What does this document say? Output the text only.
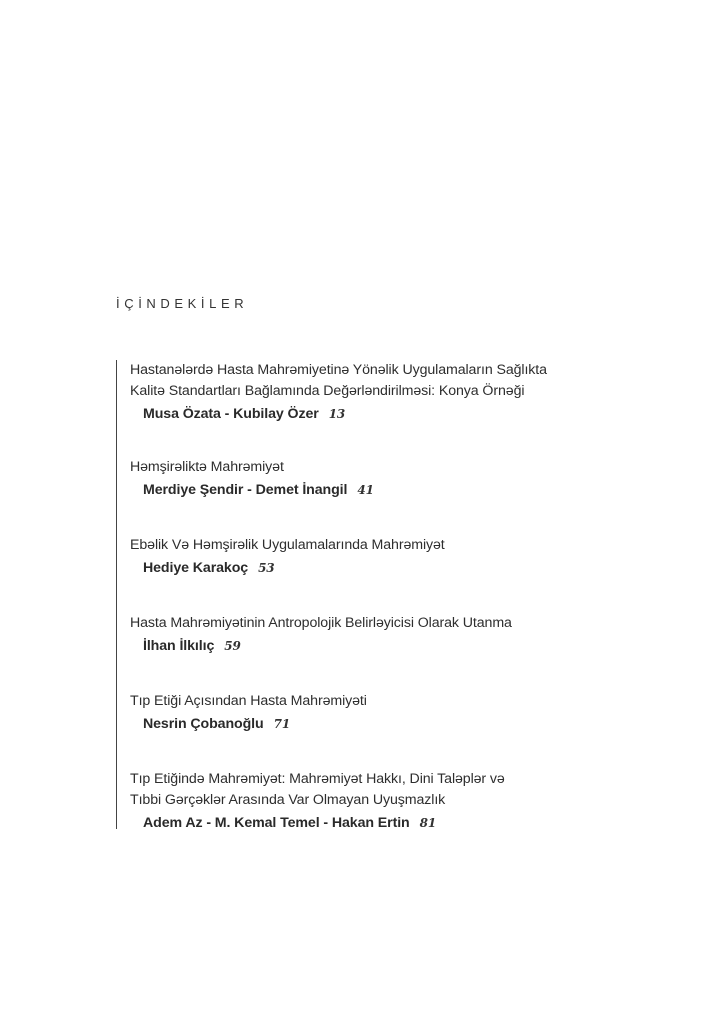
İÇİNDEKİLER
Hastanələrdə Hasta Mahrəmiyetinə Yönəlik Uygulamaların Sağlıkta
Kalitə Standartları Bağlamında Değərləndirilməsi: Konya Örnəği
Musa Özata - Kubilay Özer 13
Həmşirəliktə Mahrəmiyət
Merdiye Şendir - Demet İnangil 41
Ebəlik Və Həmşirəlik Uygulamalarında Mahrəmiyət
Hediye Karakoç 53
Hasta Mahrəmiyətinin Antropolojik Belirləyicisi Olarak Utanma
İlhan İlkılıç 59
Tıp Etiği Açısından Hasta Mahrəmiyəti
Nesrin Çobanoğlu 71
Tıp Etiğində Mahrəmiyət: Mahrəmiyət Hakkı, Dini Taləplər və
Tıbbi Gərçəklər Arasında Var Olmayan Uyuşmazlık
Adem Az - M. Kemal Temel - Hakan Ertin 81
